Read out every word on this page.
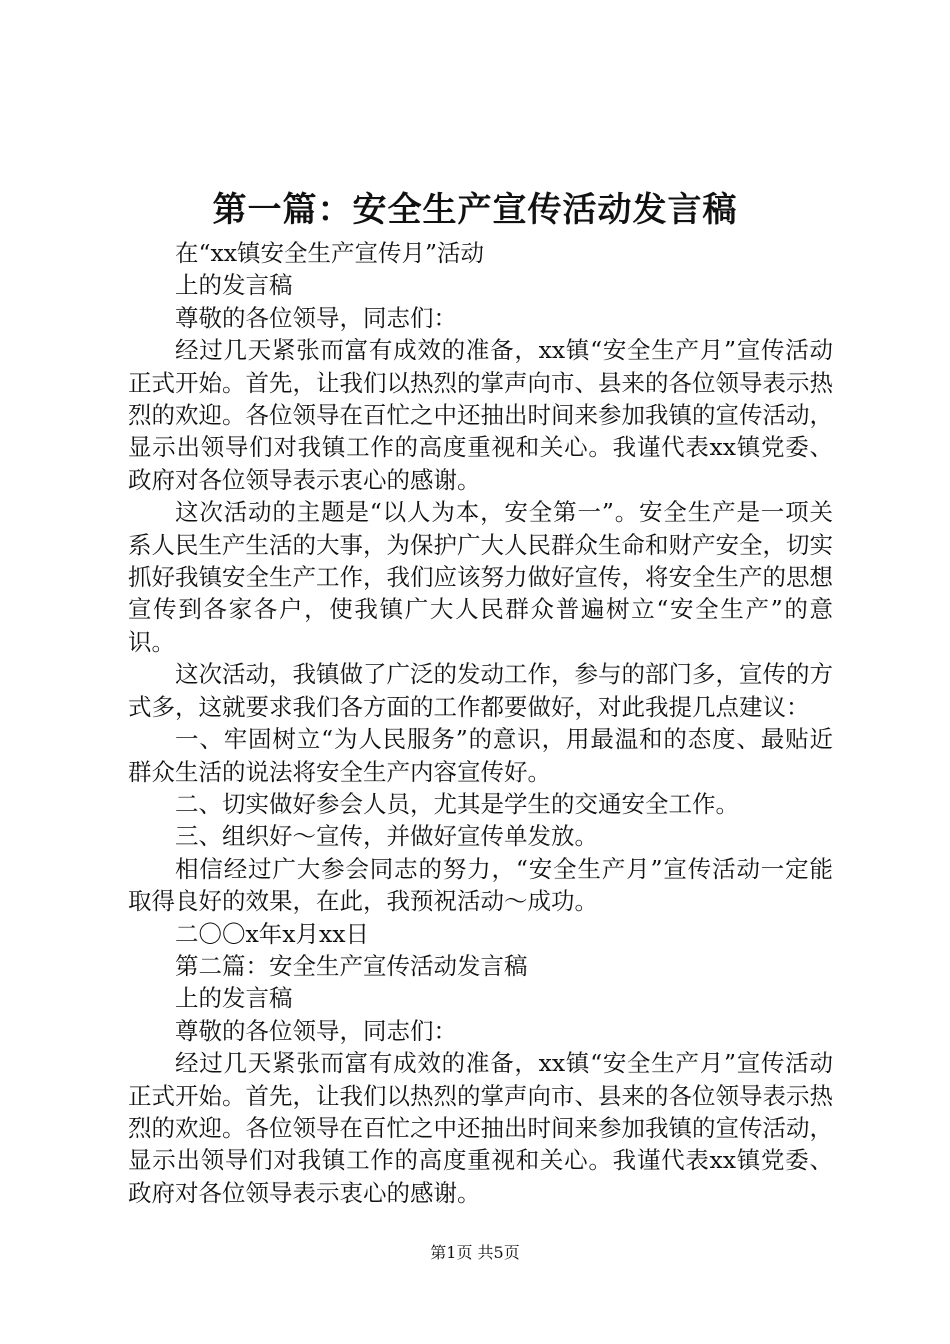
第一篇：安全生产宣传活动发言稿

在“xx镇安全生产宣传月”活动

上的发言稿

尊敬的各位领导，同志们：

经过几天紧张而富有成效的准备，xx镇“安全生产月”宣传活动正式开始。首先，让我们以热烈的掌声向市、县来的各位领导表示热烈的欢迎。各位领导在百忙之中还抽出时间来参加我镇的宣传活动，显示出领导们对我镇工作的高度重视和关心。我谨代表xx镇党委、政府对各位领导表示衷心的感谢。

这次活动的主题是“以人为本，安全第一”。安全生产是一项关系人民生产生活的大事，为保护广大人民群众生命和财产安全，切实抓好我镇安全生产工作，我们应该努力做好宣传，将安全生产的思想宣传到各家各户，使我镇广大人民群众普遍树立“安全生产”的意识。

这次活动，我镇做了广泛的发动工作，参与的部门多，宣传的方式多，这就要求我们各方面的工作都要做好，对此我提几点建议：

一、牢固树立“为人民服务”的意识，用最温和的态度、最贴近群众生活的说法将安全生产内容宣传好。

二、切实做好参会人员，尤其是学生的交通安全工作。

三、组织好～宣传，并做好宣传单发放。

相信经过广大参会同志的努力，“安全生产月”宣传活动一定能取得良好的效果，在此，我预祝活动～成功。

二〇〇x年x月xx日

第二篇：安全生产宣传活动发言稿

上的发言稿

尊敬的各位领导，同志们：

经过几天紧张而富有成效的准备，xx镇“安全生产月”宣传活动正式开始。首先，让我们以热烈的掌声向市、县来的各位领导表示热烈的欢迎。各位领导在百忙之中还抽出时间来参加我镇的宣传活动，显示出领导们对我镇工作的高度重视和关心。我谨代表xx镇党委、政府对各位领导表示衷心的感谢。

第1页 共5页
